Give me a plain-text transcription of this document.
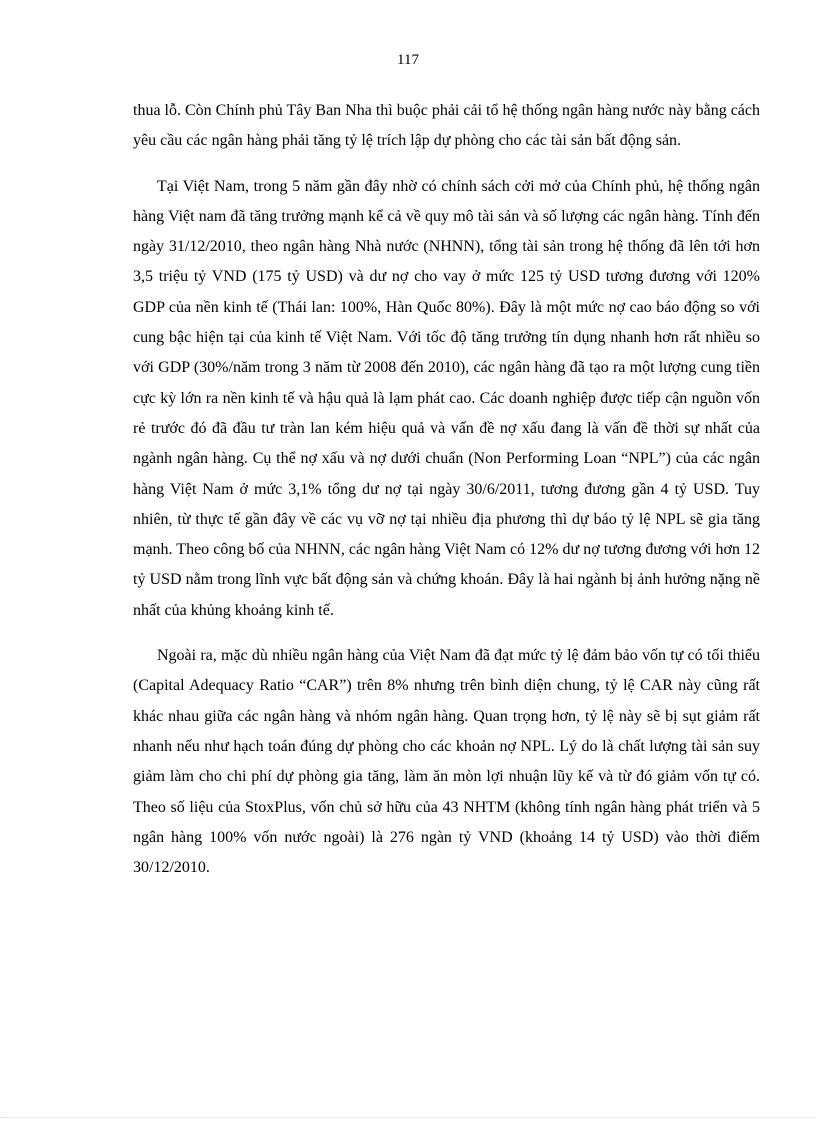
117

thua lỗ. Còn Chính phủ Tây Ban Nha thì buộc phải cải tổ hệ thống ngân hàng nước này bằng cách yêu cầu các ngân hàng phải tăng tỷ lệ trích lập dự phòng cho các tài sản bất động sản.

Tại Việt Nam, trong 5 năm gần đây nhờ có chính sách cởi mở của Chính phủ, hệ thống ngân hàng Việt nam đã tăng trưởng mạnh kể cả về quy mô tài sản và số lượng các ngân hàng. Tính đến ngày 31/12/2010, theo ngân hàng Nhà nước (NHNN), tổng tài sản trong hệ thống đã lên tới hơn 3,5 triệu tỷ VND (175 tỷ USD) và dư nợ cho vay ở mức 125 tỷ USD tương đương với 120% GDP của nền kinh tế (Thái lan: 100%, Hàn Quốc 80%). Đây là một mức nợ cao báo động so với cung bậc hiện tại của kinh tế Việt Nam. Với tốc độ tăng trưởng tín dụng nhanh hơn rất nhiều so với GDP (30%/năm trong 3 năm từ 2008 đến 2010), các ngân hàng đã tạo ra một lượng cung tiền cực kỳ lớn ra nền kinh tế và hậu quả là lạm phát cao. Các doanh nghiệp được tiếp cận nguồn vốn rẻ trước đó đã đầu tư tràn lan kém hiệu quả và vấn đề nợ xấu đang là vấn đề thời sự nhất của ngành ngân hàng. Cụ thể nợ xấu và nợ dưới chuẩn (Non Performing Loan “NPL”) của các ngân hàng Việt Nam ở mức 3,1% tổng dư nợ tại ngày 30/6/2011, tương đương gần 4 tỷ USD. Tuy nhiên, từ thực tế gần đây về các vụ vỡ nợ tại nhiều địa phương thì dự báo tỷ lệ NPL sẽ gia tăng mạnh. Theo công bố của NHNN, các ngân hàng Việt Nam có 12% dư nợ tương đương với hơn 12 tỷ USD nằm trong lĩnh vực bất động sản và chứng khoán. Đây là hai ngành bị ảnh hưởng nặng nề nhất của khủng khoảng kinh tế.

Ngoài ra, mặc dù nhiều ngân hàng của Việt Nam đã đạt mức tỷ lệ đảm bảo vốn tự có tối thiểu (Capital Adequacy Ratio “CAR”) trên 8% nhưng trên bình diện chung, tỷ lệ CAR này cũng rất khác nhau giữa các ngân hàng và nhóm ngân hàng. Quan trọng hơn, tỷ lệ này sẽ bị sụt giảm rất nhanh nếu như hạch toán đúng dự phòng cho các khoản nợ NPL. Lý do là chất lượng tài sản suy giảm làm cho chi phí dự phòng gia tăng, làm ăn mòn lợi nhuận lũy kế và từ đó giảm vốn tự có. Theo số liệu của StoxPlus, vốn chủ sở hữu của 43 NHTM (không tính ngân hàng phát triển và 5 ngân hàng 100% vốn nước ngoài) là 276 ngàn tỷ VND (khoảng 14 tỷ USD) vào thời điểm 30/12/2010.
